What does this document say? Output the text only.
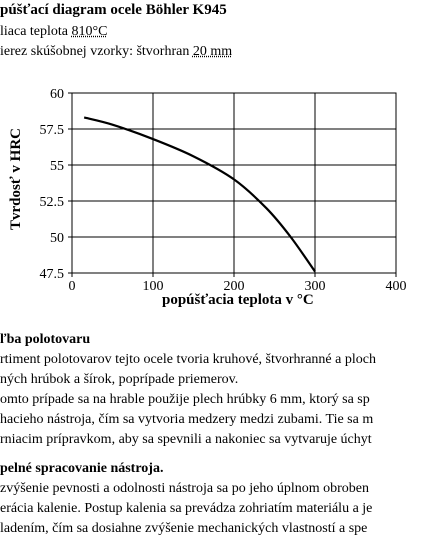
púšťací diagram ocele Böhler K945
liaca teplota 810°C
ierez skúšobnej vzorky: štvorhran 20 mm
0	100	200	300	400
60
57.5
55
52.5
50
47.5
popúšťacia teplota v °C
Tvrdosť v HRC
ľba polotovaru
rtiment polotovarov tejto ocele tvoria kruhové, štvorhranné a ploch
ných hrúbok a šírok, poprípade priemerov.
omto prípade sa na hrable použije plech hrúbky 6 mm, ktorý sa sp
hacieho nástroja, čím sa vytvoria medzery medzi zubami. Tie sa m
rniacim prípravkom, aby sa spevnili a nakoniec sa vytvaruje úchyt
pelné spracovanie nástroja.
zvýšenie pevnosti a odolnosti nástroja sa po jeho úplnom obroben
erácia kalenie. Postup kalenia sa prevádza zohriatím materiálu a je
ladením, čím sa dosiahne zvýšenie mechanických vlastností a spe
